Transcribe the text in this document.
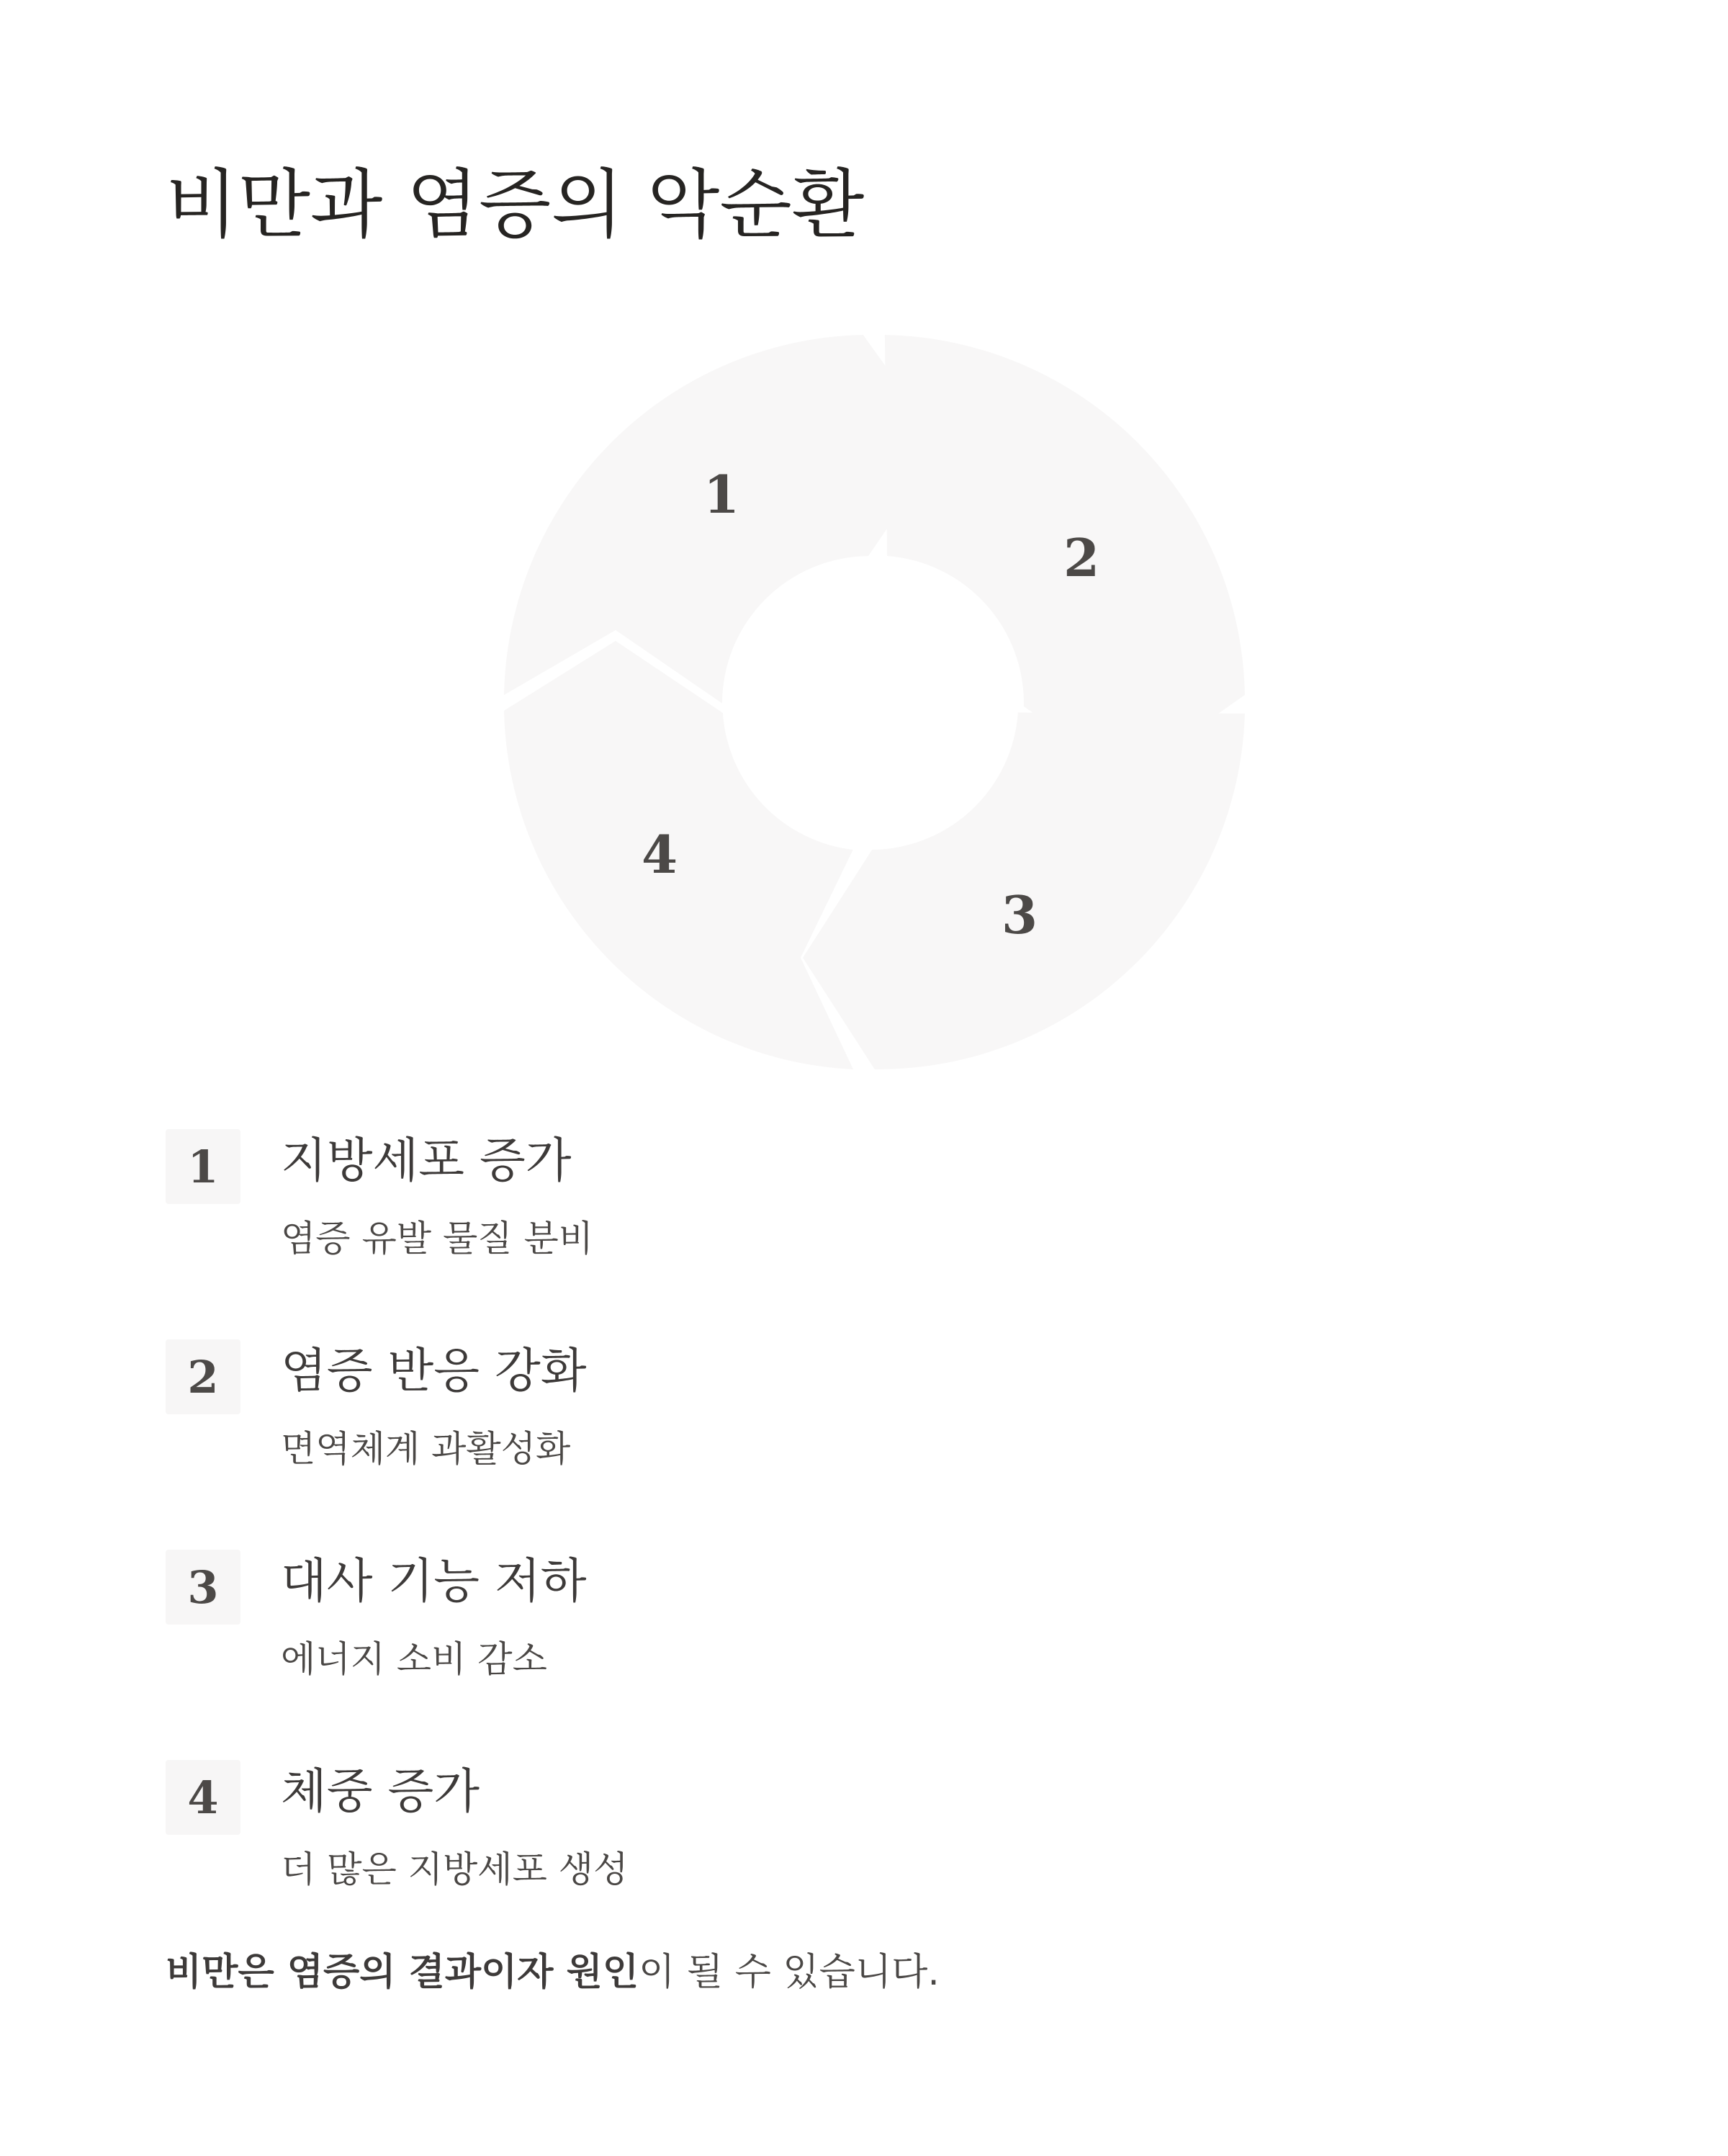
비만과 염증의 악순환
1
2
3
4
1	지방세포 증가
염증 유발 물질 분비
2	염증 반응 강화
면역체계 과활성화
3	대사 기능 저하
에너지 소비 감소
4	체중 증가
더 많은 지방세포 생성

비만은 염증의 결과이자 원인이 될 수 있습니다.
